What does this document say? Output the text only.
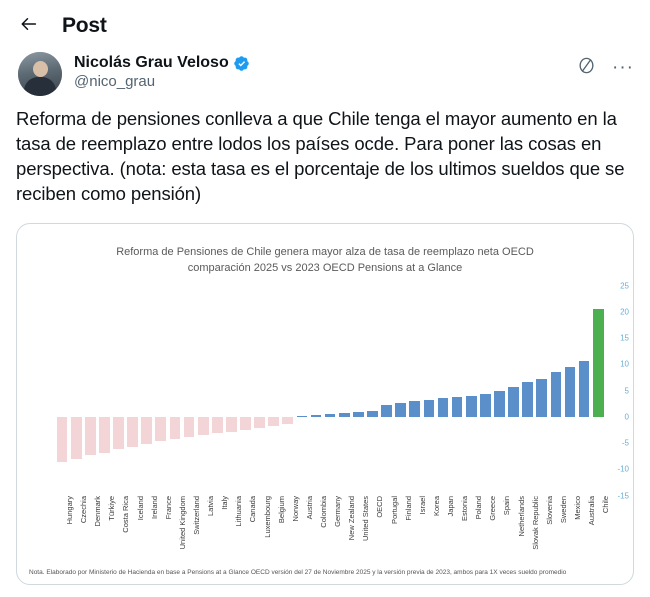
Post
Nicolás Grau Veloso
@nico_grau
···
Reforma de pensiones conlleva a que Chile tenga el mayor aumento en la tasa de reemplazo entre lodos los países ocde. Para poner las cosas en perspectiva. (nota: esta tasa es el porcentaje de los ultimos sueldos que se reciben como pensión)
Reforma de Pensiones de Chile genera mayor alza de tasa de reemplazo neta OECD
comparación 2025 vs 2023 OECD Pensions at a Glance
-15
-10
-5
0
5
10
15
20
25
Hungary Czechia Denmark Türkiye Costa Rica Iceland Ireland France United Kingdom Switzerland Latvia Italy Lithuania Canada Luxembourg Belgium Norway Austria Colombia Germany New Zealand United States OECD Portugal Finland Israel Korea Japan Estonia Poland Greece Spain Netherlands Slovak Republic Slovenia Sweden Mexico Australia Chile
Nota. Elaborado por Ministerio de Hacienda en base a Pensions at a Glance OECD versión del 27 de Noviembre 2025 y la versión previa de 2023, ambos para 1X veces sueldo promedio
